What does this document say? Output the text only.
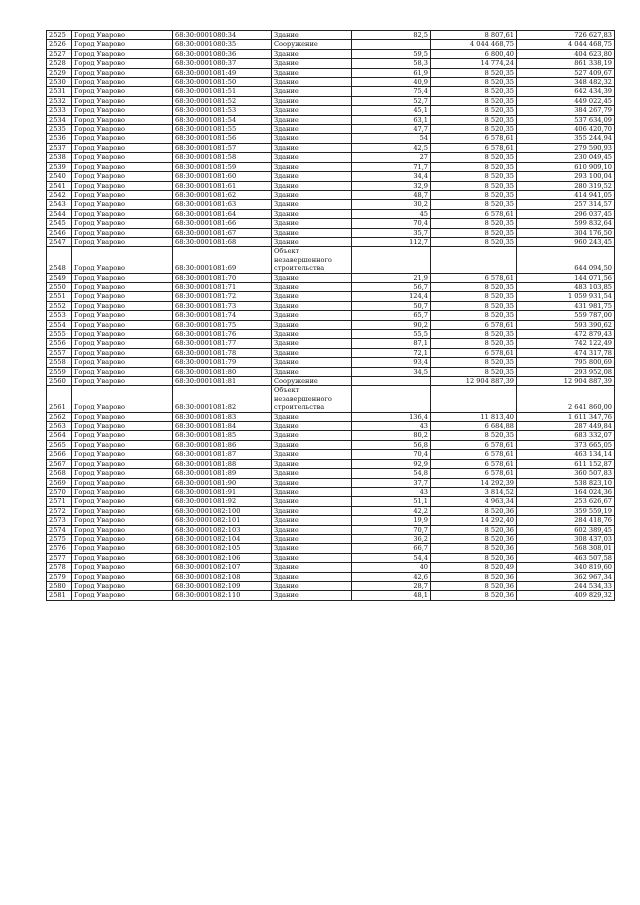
2525	Город Уварово	68:30:0001080:34	Здание	82,5	8 807,61	726 627,83
2526	Город Уварово	68:30:0001080:35	Сооружение		4 044 468,75	4 044 468,75
2527	Город Уварово	68:30:0001080:36	Здание	59,5	6 800,40	404 623,80
2528	Город Уварово	68:30:0001080:37	Здание	58,3	14 774,24	861 338,19
2529	Город Уварово	68:30:0001081:49	Здание	61,9	8 520,35	527 409,67
2530	Город Уварово	68:30:0001081:50	Здание	40,9	8 520,35	348 482,32
2531	Город Уварово	68:30:0001081:51	Здание	75,4	8 520,35	642 434,39
2532	Город Уварово	68:30:0001081:52	Здание	52,7	8 520,35	449 022,45
2533	Город Уварово	68:30:0001081:53	Здание	45,1	8 520,35	384 267,79
2534	Город Уварово	68:30:0001081:54	Здание	63,1	8 520,35	537 634,09
2535	Город Уварово	68:30:0001081:55	Здание	47,7	8 520,35	406 420,70
2536	Город Уварово	68:30:0001081:56	Здание	54	6 578,61	355 244,94
2537	Город Уварово	68:30:0001081:57	Здание	42,5	6 578,61	279 590,93
2538	Город Уварово	68:30:0001081:58	Здание	27	8 520,35	230 049,45
2539	Город Уварово	68:30:0001081:59	Здание	71,7	8 520,35	610 909,10
2540	Город Уварово	68:30:0001081:60	Здание	34,4	8 520,35	293 100,04
2541	Город Уварово	68:30:0001081:61	Здание	32,9	8 520,35	280 319,52
2542	Город Уварово	68:30:0001081:62	Здание	48,7	8 520,35	414 941,05
2543	Город Уварово	68:30:0001081:63	Здание	30,2	8 520,35	257 314,57
2544	Город Уварово	68:30:0001081:64	Здание	45	6 578,61	296 037,45
2545	Город Уварово	68:30:0001081:66	Здание	70,4	8 520,35	599 832,64
2546	Город Уварово	68:30:0001081:67	Здание	35,7	8 520,35	304 176,50
2547	Город Уварово	68:30:0001081:68	Здание	112,7	8 520,35	960 243,45
2548	Город Уварово	68:30:0001081:69	Объект незавершенного строительства			644 094,50
2549	Город Уварово	68:30:0001081:70	Здание	21,9	6 578,61	144 071,56
2550	Город Уварово	68:30:0001081:71	Здание	56,7	8 520,35	483 103,85
2551	Город Уварово	68:30:0001081:72	Здание	124,4	8 520,35	1 059 931,54
2552	Город Уварово	68:30:0001081:73	Здание	50,7	8 520,35	431 981,75
2553	Город Уварово	68:30:0001081:74	Здание	65,7	8 520,35	559 787,00
2554	Город Уварово	68:30:0001081:75	Здание	90,2	6 578,61	593 390,62
2555	Город Уварово	68:30:0001081:76	Здание	55,5	8 520,35	472 879,43
2556	Город Уварово	68:30:0001081:77	Здание	87,1	8 520,35	742 122,49
2557	Город Уварово	68:30:0001081:78	Здание	72,1	6 578,61	474 317,78
2558	Город Уварово	68:30:0001081:79	Здание	93,4	8 520,35	795 800,69
2559	Город Уварово	68:30:0001081:80	Здание	34,5	8 520,35	293 952,08
2560	Город Уварово	68:30:0001081:81	Сооружение		12 904 887,39	12 904 887,39
2561	Город Уварово	68:30:0001081:82	Объект незавершенного строительства			2 641 860,00
2562	Город Уварово	68:30:0001081:83	Здание	136,4	11 813,40	1 611 347,76
2563	Город Уварово	68:30:0001081:84	Здание	43	6 684,88	287 449,84
2564	Город Уварово	68:30:0001081:85	Здание	80,2	8 520,35	683 332,07
2565	Город Уварово	68:30:0001081:86	Здание	56,8	6 578,61	373 665,05
2566	Город Уварово	68:30:0001081:87	Здание	70,4	6 578,61	463 134,14
2567	Город Уварово	68:30:0001081:88	Здание	92,9	6 578,61	611 152,87
2568	Город Уварово	68:30:0001081:89	Здание	54,8	6 578,61	360 507,83
2569	Город Уварово	68:30:0001081:90	Здание	37,7	14 292,39	538 823,10
2570	Город Уварово	68:30:0001081:91	Здание	43	3 814,52	164 024,36
2571	Город Уварово	68:30:0001081:92	Здание	51,1	4 963,34	253 626,67
2572	Город Уварово	68:30:0001082:100	Здание	42,2	8 520,36	359 559,19
2573	Город Уварово	68:30:0001082:101	Здание	19,9	14 292,40	284 418,76
2574	Город Уварово	68:30:0001082:103	Здание	70,7	8 520,36	602 389,45
2575	Город Уварово	68:30:0001082:104	Здание	36,2	8 520,36	308 437,03
2576	Город Уварово	68:30:0001082:105	Здание	66,7	8 520,36	568 308,01
2577	Город Уварово	68:30:0001082:106	Здание	54,4	8 520,36	463 507,58
2578	Город Уварово	68:30:0001082:107	Здание	40	8 520,49	340 819,60
2579	Город Уварово	68:30:0001082:108	Здание	42,6	8 520,36	362 967,34
2580	Город Уварово	68:30:0001082:109	Здание	28,7	8 520,36	244 534,33
2581	Город Уварово	68:30:0001082:110	Здание	48,1	8 520,36	409 829,32
